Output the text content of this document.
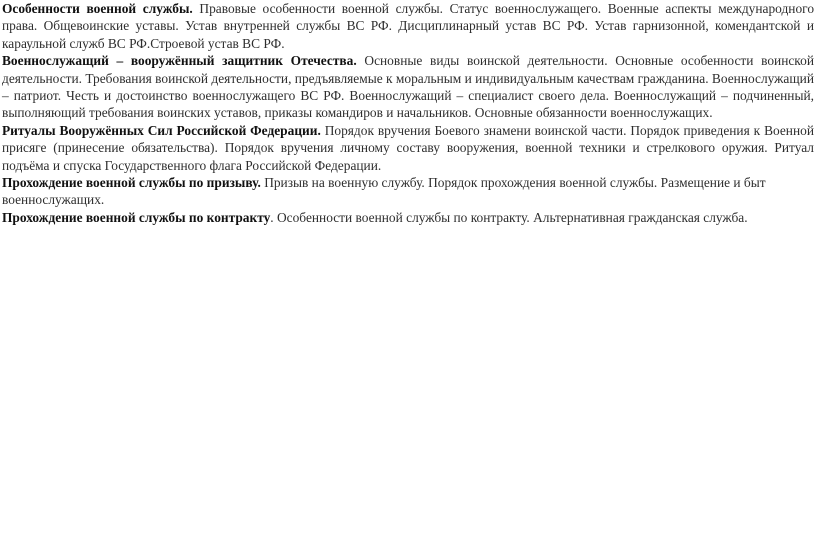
Особенности военной службы. Правовые особенности военной службы. Статус военнослужащего. Военные аспекты международного права. Общевоинские уставы. Устав внутренней службы ВС РФ. Дисциплинарный устав ВС РФ. Устав гарнизонной, комендантской и караульной служб ВС РФ.Строевой устав ВС РФ.

Военнослужащий – вооружённый защитник Отечества. Основные виды воинской деятельности. Основные особенности воинской деятельности. Требования воинской деятельности, предъявляемые к моральным и индивидуальным качествам гражданина. Военнослужащий – патриот. Честь и достоинство военнослужащего ВС РФ. Военнослужащий – специалист своего дела. Военнослужащий – подчиненный, выполняющий требования воинских уставов, приказы командиров и начальников. Основные обязанности военнослужащих.

Ритуалы Вооружённых Сил Российской Федерации. Порядок вручения Боевого знамени воинской части. Порядок приведения к Военной присяге (принесение обязательства). Порядок вручения личному составу вооружения, военной техники и стрелкового оружия. Ритуал подъёма и спуска Государственного флага Российской Федерации.

Прохождение военной службы по призыву. Призыв на военную службу. Порядок прохождения военной службы. Размещение и быт военнослужащих.

Прохождение военной службы по контракту. Особенности военной службы по контракту. Альтернативная гражданская служба.
